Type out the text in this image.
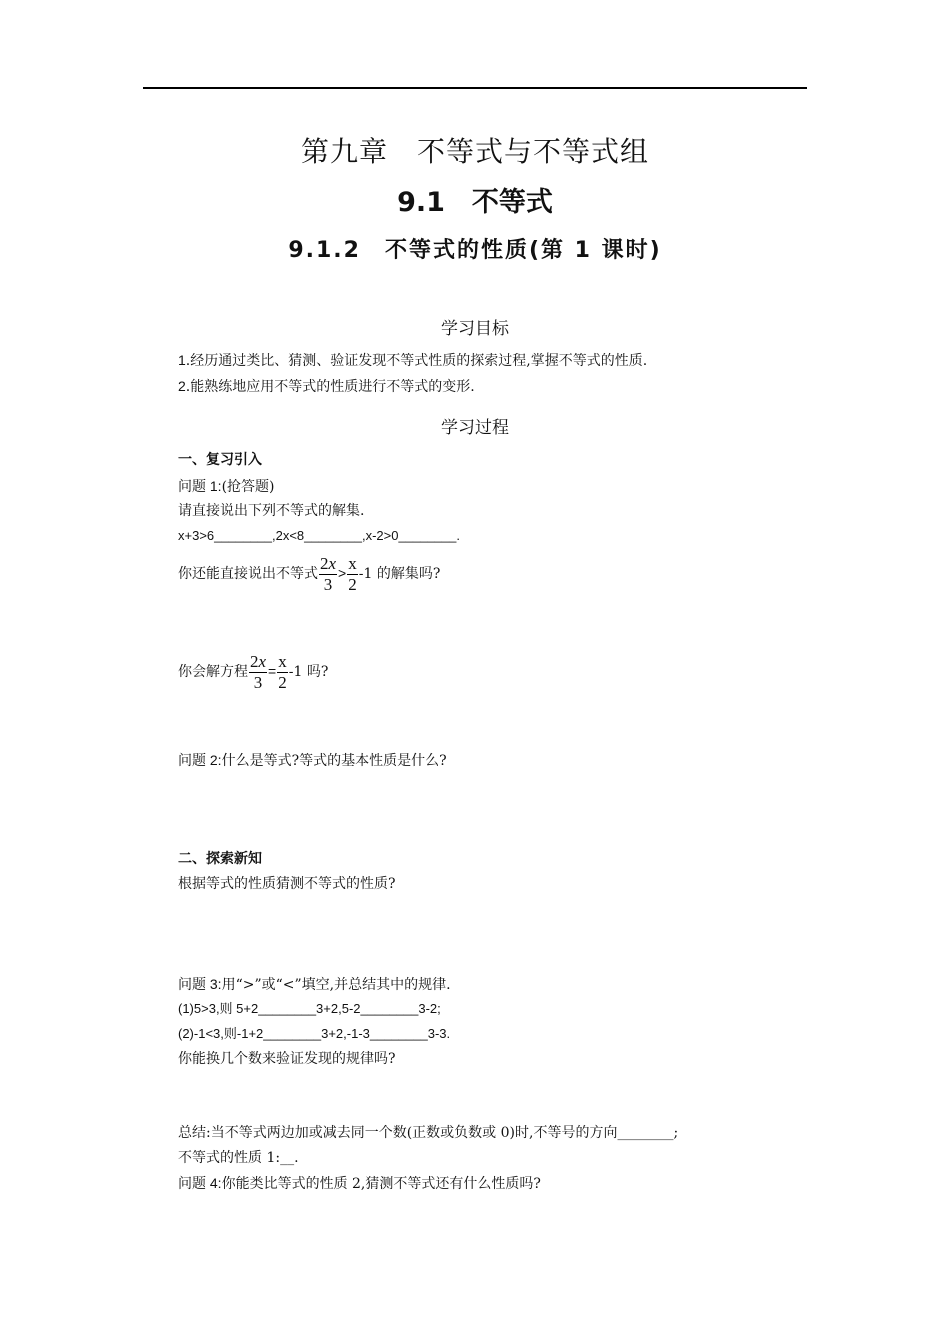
第九章　不等式与不等式组
9.1　不等式
9.1.2　不等式的性质(第 1 课时)
学习目标
1.经历通过类比、猜测、验证发现不等式性质的探索过程,掌握不等式的性质.
2.能熟练地应用不等式的性质进行不等式的变形.
学习过程
一、复习引入
问题 1:(抢答题)
请直接说出下列不等式的解集.
x+3>6________,2x<8________,x-2>0________.
你还能直接说出不等式 $\frac{2x}{3} > \frac{x}{2} -1$ 的解集吗?
你会解方程 $\frac{2x}{3} = \frac{x}{2} -1$ 吗?
问题 2:什么是等式?等式的基本性质是什么?
二、探索新知
根据等式的性质猜测不等式的性质?
问题 3:用“>”或“<”填空,并总结其中的规律.
(1)5>3,则 5+2________3+2,5-2________3-2;
(2)-1<3,则-1+2________3+2,-1-3________3-3.
你能换几个数来验证发现的规律吗?
总结:当不等式两边加或减去同一个数(正数或负数或 0)时,不等号的方向________;
不等式的性质 1:__.
问题 4:你能类比等式的性质 2,猜测不等式还有什么性质吗?
